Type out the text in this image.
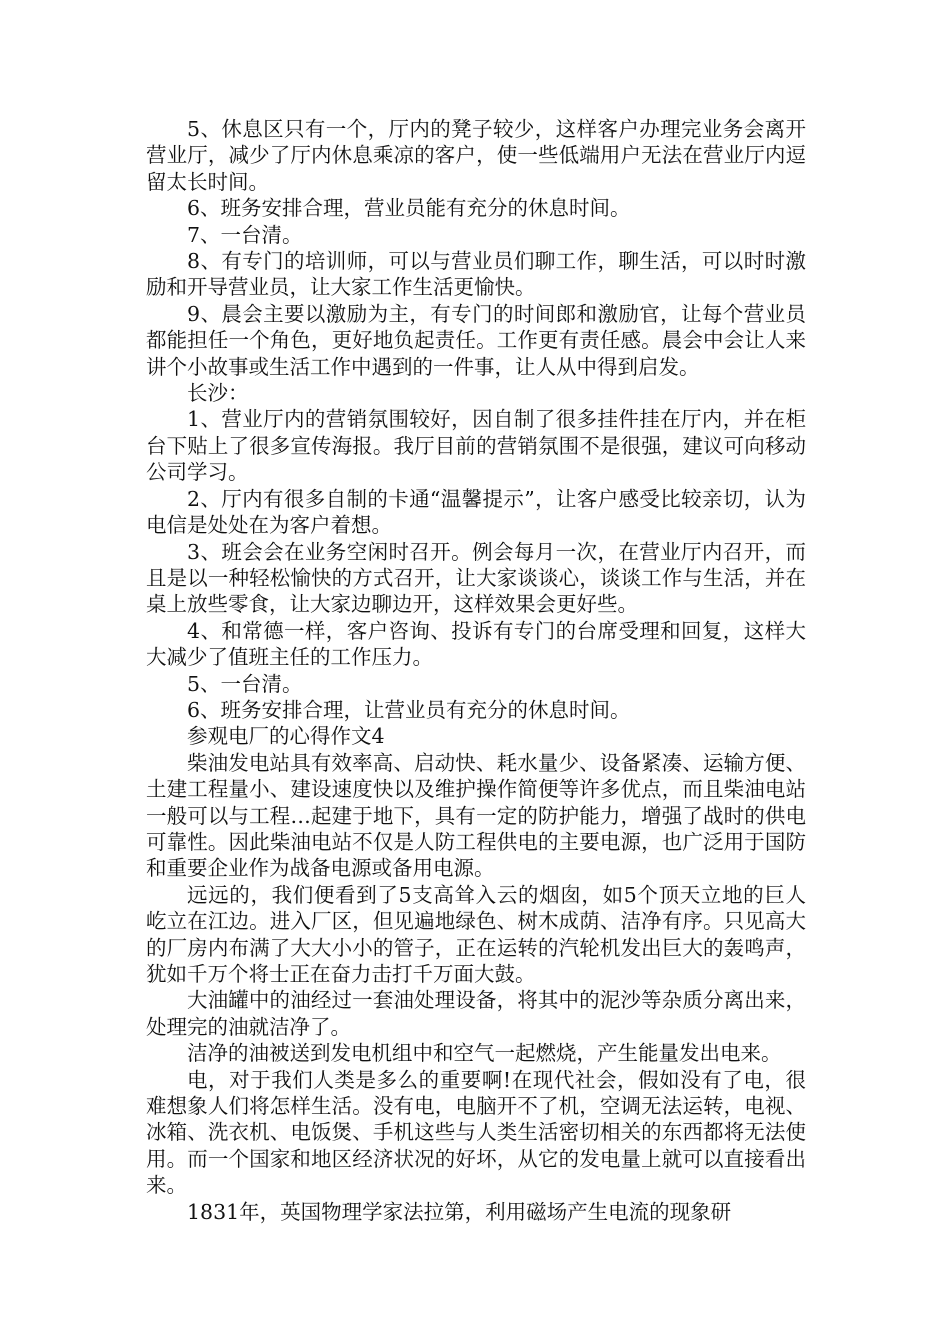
5、休息区只有一个，厅内的凳子较少，这样客户办理完业务会离开营业厅，减少了厅内休息乘凉的客户，使一些低端用户无法在营业厅内逗留太长时间。

6、班务安排合理，营业员能有充分的休息时间。

7、一台清。

8、有专门的培训师，可以与营业员们聊工作，聊生活，可以时时激励和开导营业员，让大家工作生活更愉快。

9、晨会主要以激励为主，有专门的时间郎和激励官，让每个营业员都能担任一个角色，更好地负起责任。工作更有责任感。晨会中会让人来讲个小故事或生活工作中遇到的一件事，让人从中得到启发。

长沙：

1、营业厅内的营销氛围较好，因自制了很多挂件挂在厅内，并在柜台下贴上了很多宣传海报。我厅目前的营销氛围不是很强，建议可向移动公司学习。

2、厅内有很多自制的卡通“温馨提示”，让客户感受比较亲切，认为电信是处处在为客户着想。

3、班会会在业务空闲时召开。例会每月一次，在营业厅内召开，而且是以一种轻松愉快的方式召开，让大家谈谈心，谈谈工作与生活，并在桌上放些零食，让大家边聊边开，这样效果会更好些。

4、和常德一样，客户咨询、投诉有专门的台席受理和回复，这样大大减少了值班主任的工作压力。

5、一台清。

6、班务安排合理，让营业员有充分的休息时间。

参观电厂的心得作文4

柴油发电站具有效率高、启动快、耗水量少、设备紧凑、运输方便、土建工程量小、建设速度快以及维护操作简便等许多优点，而且柴油电站一般可以与工程…起建于地下，具有一定的防护能力，增强了战时的供电可靠性。因此柴油电站不仅是人防工程供电的主要电源，也广泛用于国防和重要企业作为战备电源或备用电源。

远远的，我们便看到了5支高耸入云的烟囱，如5个顶天立地的巨人屹立在江边。进入厂区，但见遍地绿色、树木成荫、洁净有序。只见高大的厂房内布满了大大小小的管子，正在运转的汽轮机发出巨大的轰鸣声，犹如千万个将士正在奋力击打千万面大鼓。

大油罐中的油经过一套油处理设备，将其中的泥沙等杂质分离出来，处理完的油就洁净了。

洁净的油被送到发电机组中和空气一起燃烧，产生能量发出电来。

电，对于我们人类是多么的重要啊!在现代社会，假如没有了电，很难想象人们将怎样生活。没有电，电脑开不了机，空调无法运转，电视、冰箱、洗衣机、电饭煲、手机这些与人类生活密切相关的东西都将无法使用。而一个国家和地区经济状况的好坏，从它的发电量上就可以直接看出来。

1831年，英国物理学家法拉第，利用磁场产生电流的现象研
